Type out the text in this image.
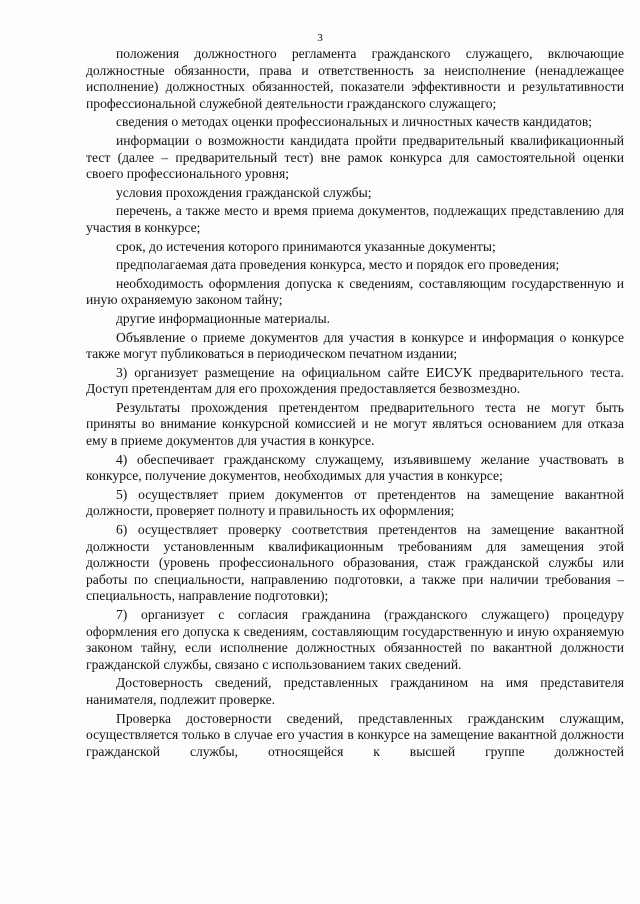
3

положения должностного регламента гражданского служащего, включающие должностные обязанности, права и ответственность за неисполнение (ненадлежащее исполнение) должностных обязанностей, показатели эффективности и результативности профессиональной служебной деятельности гражданского служащего;

сведения о методах оценки профессиональных и личностных качеств кандидатов;

информации о возможности кандидата пройти предварительный квалификационный тест (далее – предварительный тест) вне рамок конкурса для самостоятельной оценки своего профессионального уровня;

условия прохождения гражданской службы;

перечень, а также место и время приема документов, подлежащих представлению для участия в конкурсе;

срок, до истечения которого принимаются указанные документы;

предполагаемая дата проведения конкурса, место и порядок его проведения;

необходимость оформления допуска к сведениям, составляющим государственную и иную охраняемую законом тайну;

другие информационные материалы.

Объявление о приеме документов для участия в конкурсе и информация о конкурсе также могут публиковаться в периодическом печатном издании;

3) организует размещение на официальном сайте ЕИСУК предварительного теста. Доступ претендентам для его прохождения предоставляется безвозмездно.

Результаты прохождения претендентом предварительного теста не могут быть приняты во внимание конкурсной комиссией и не могут являться основанием для отказа ему в приеме документов для участия в конкурсе.

4) обеспечивает гражданскому служащему, изъявившему желание участвовать в конкурсе, получение документов, необходимых для участия в конкурсе;

5) осуществляет прием документов от претендентов на замещение вакантной должности, проверяет полноту и правильность их оформления;

6) осуществляет проверку соответствия претендентов на замещение вакантной должности установленным квалификационным требованиям для замещения этой должности (уровень профессионального образования, стаж гражданской службы или работы по специальности, направлению подготовки, а также при наличии требования – специальность, направление подготовки);

7) организует с согласия гражданина (гражданского служащего) процедуру оформления его допуска к сведениям, составляющим государственную и иную охраняемую законом тайну, если исполнение должностных обязанностей по вакантной должности гражданской службы, связано с использованием таких сведений.

Достоверность сведений, представленных гражданином на имя представителя нанимателя, подлежит проверке.

Проверка достоверности сведений, представленных гражданским служащим, осуществляется только в случае его участия в конкурсе на замещение вакантной должности гражданской службы, относящейся к высшей группе должностей
